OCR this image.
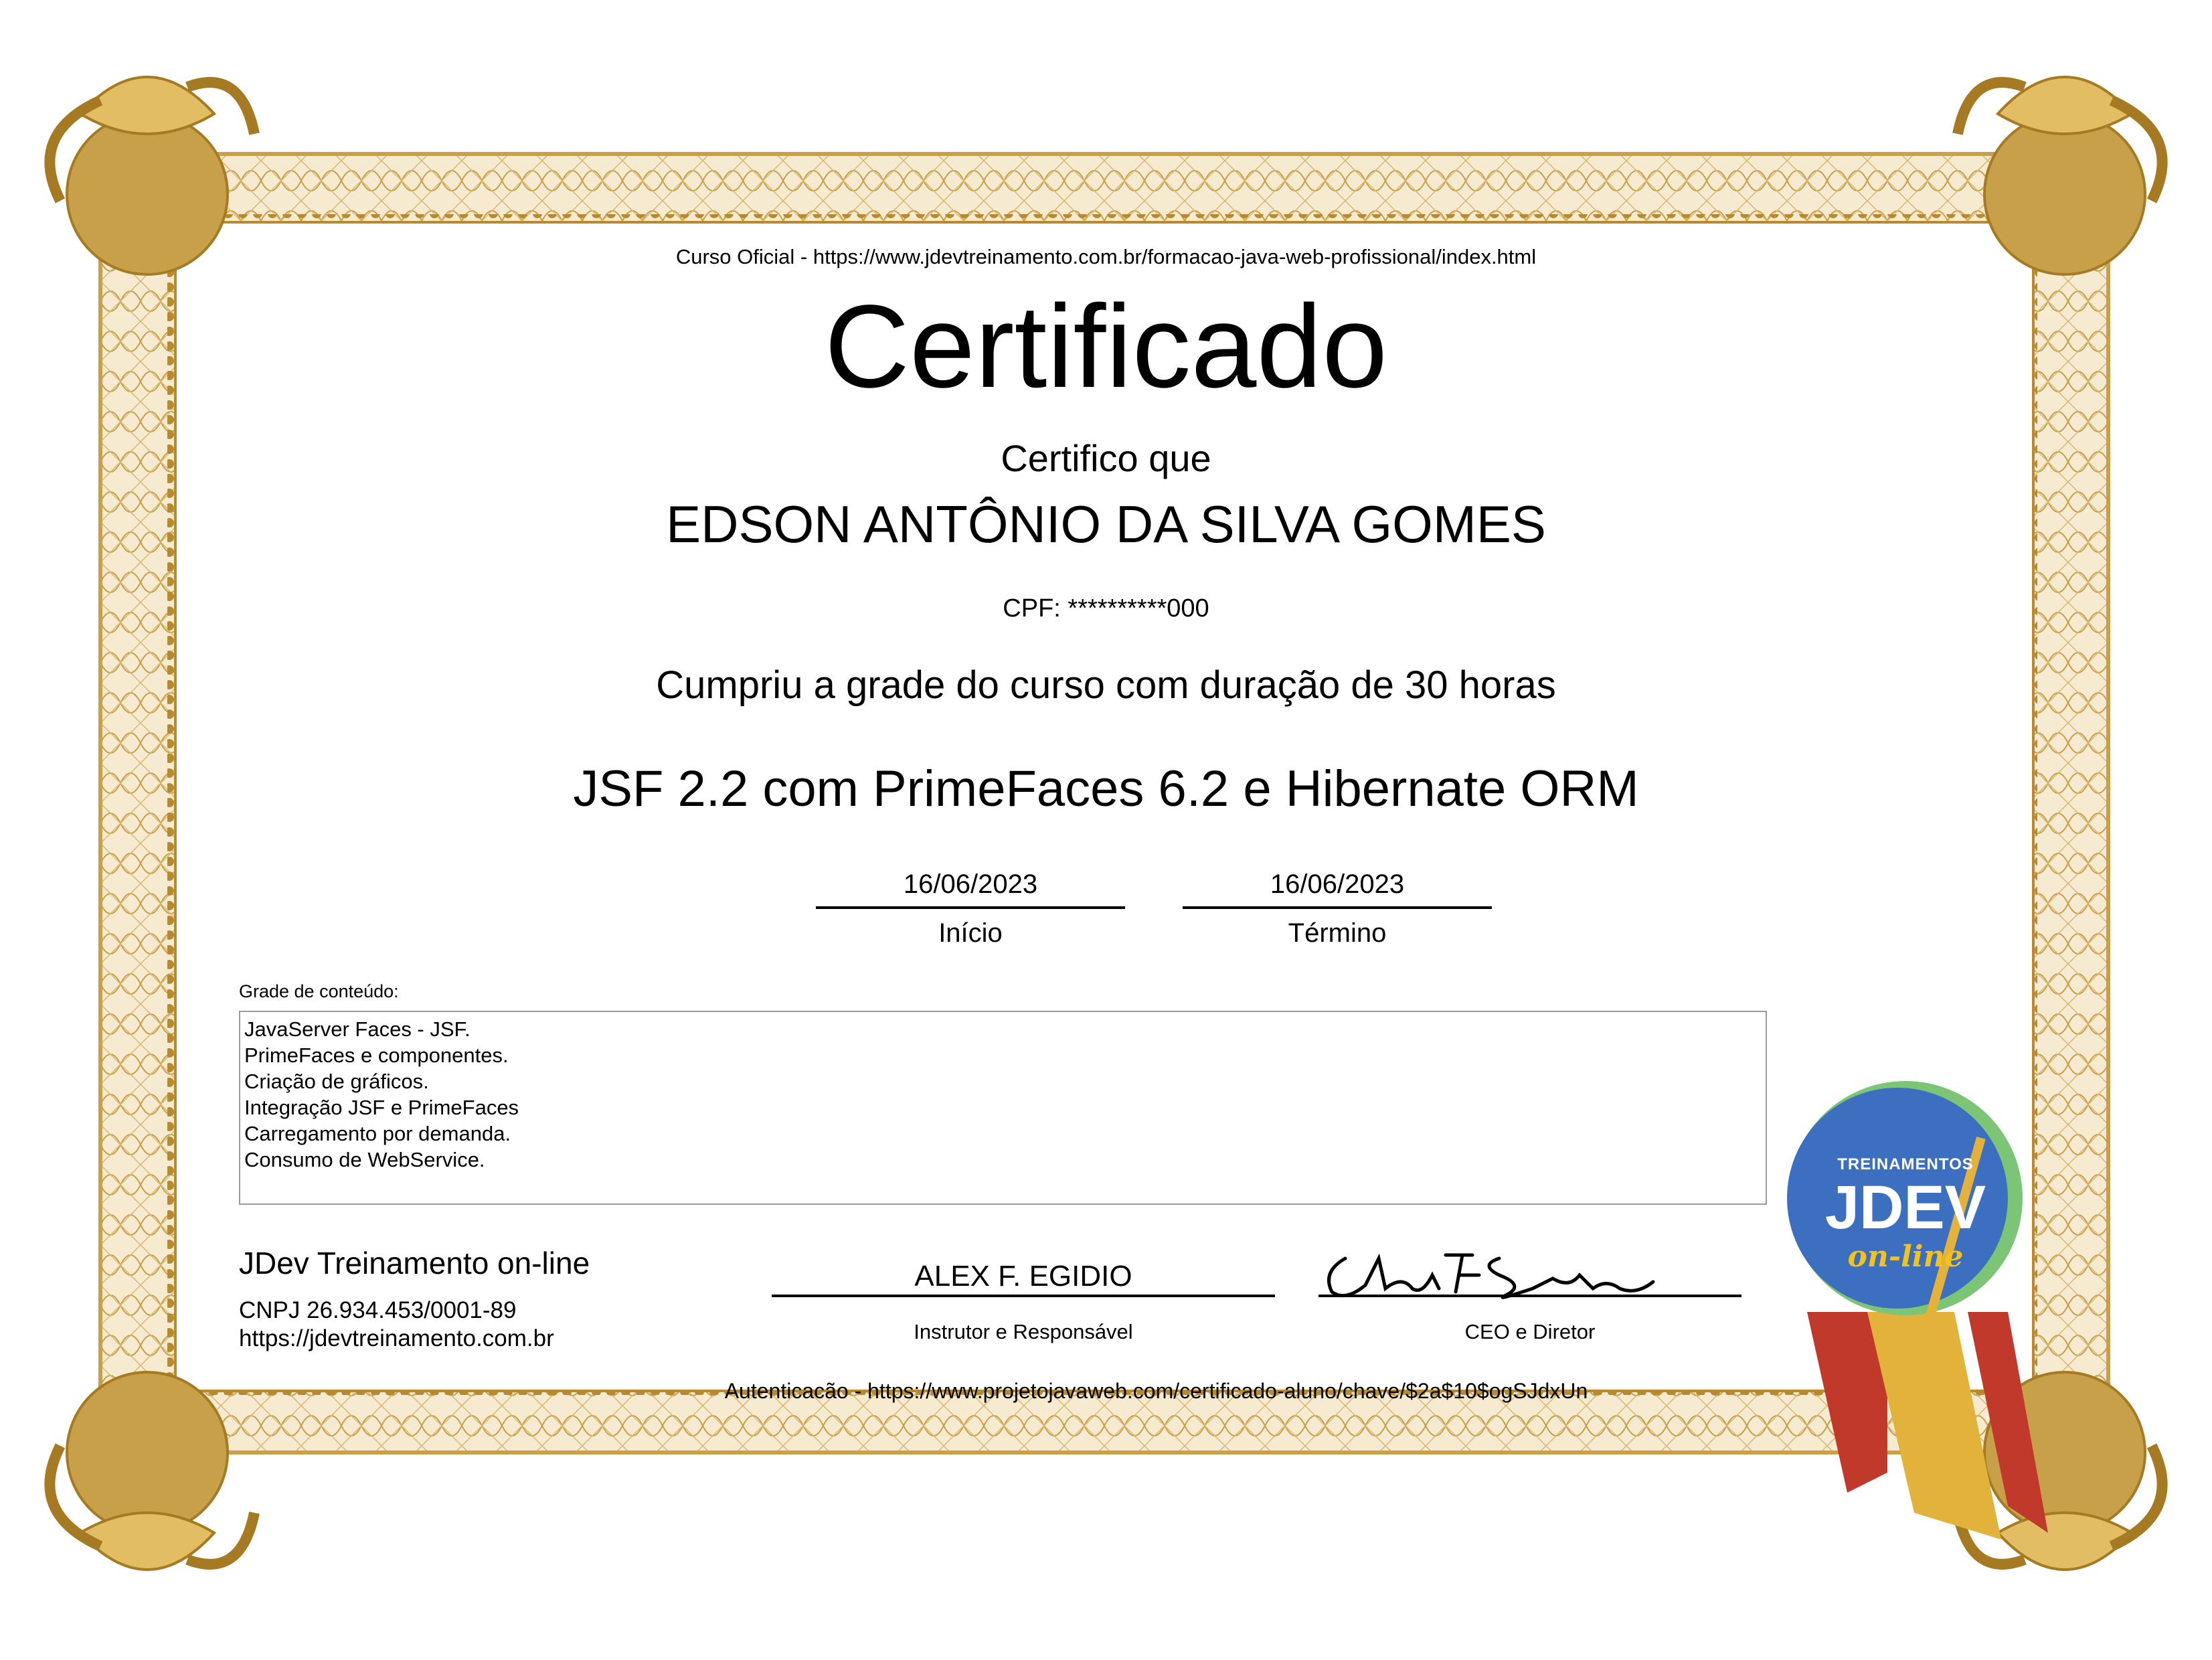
Curso Oficial - https://www.jdevtreinamento.com.br/formacao-java-web-profissional/index.html
Certificado
Certifico que
EDSON ANTÔNIO DA SILVA GOMES
CPF: **********000
Cumpriu a grade do curso com duração de 30 horas
JSF 2.2 com PrimeFaces 6.2 e Hibernate ORM
16/06/2023
Início
16/06/2023
Término
Grade de conteúdo:
JavaServer Faces - JSF.
PrimeFaces e componentes.
Criação de gráficos.
Integração JSF e PrimeFaces
Carregamento por demanda.
Consumo de WebService.
JDev Treinamento on-line
CNPJ 26.934.453/0001-89
https://jdevtreinamento.com.br
ALEX F. EGIDIO
Instrutor e Responsável	CEO e Diretor
Autenticacão - https://www.projetojavaweb.com/certificado-aluno/chave/$2a$10$ogSJdxUn
TREINAMENTOS
JDEV
on-line
